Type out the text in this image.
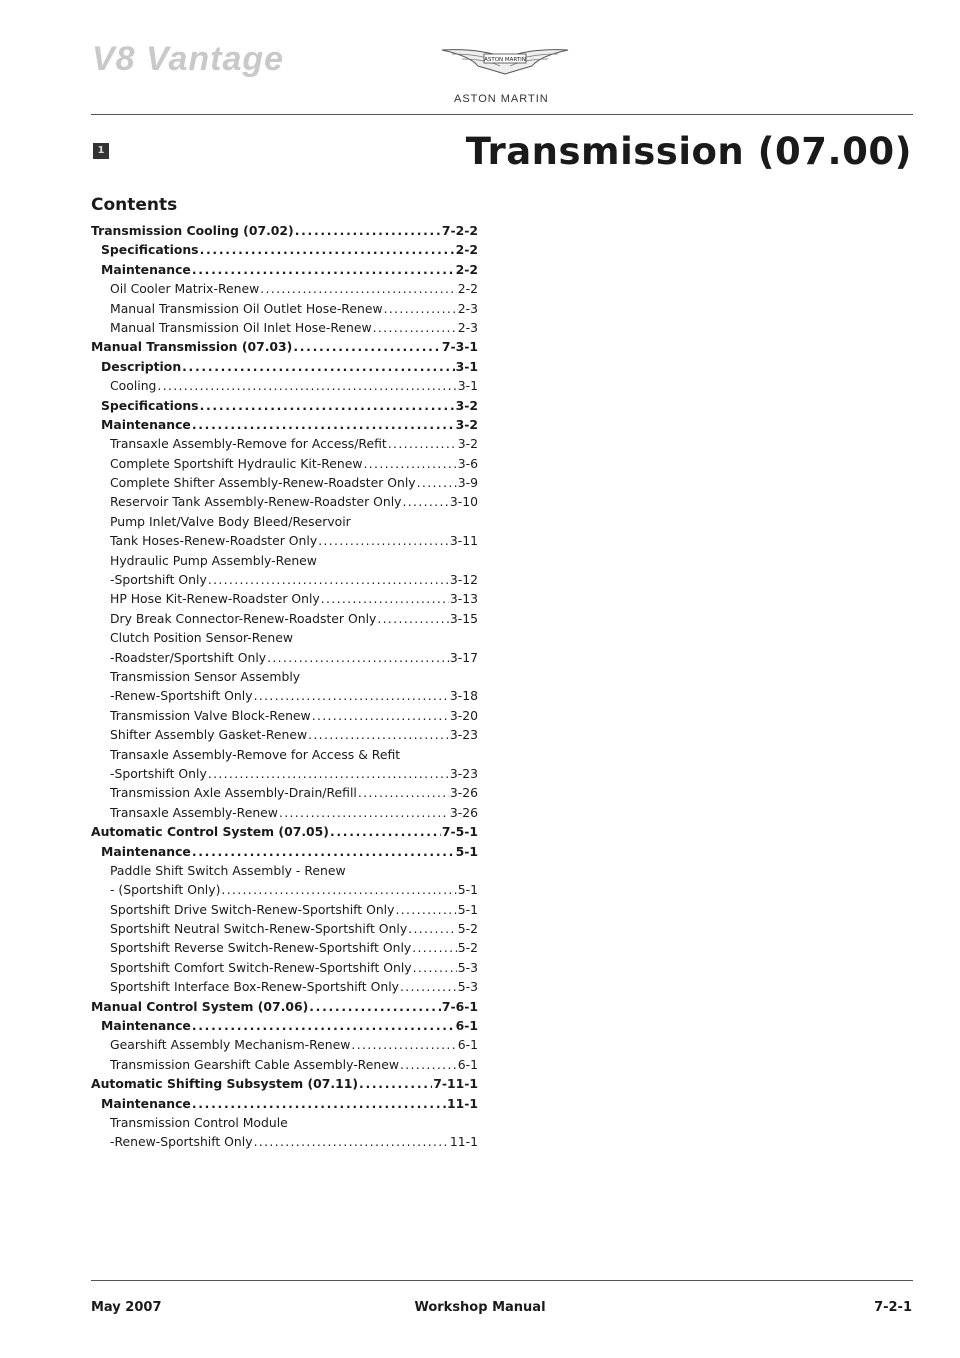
V8 Vantage	ASTON MARTIN
ASTON MARTIN
1	Transmission (07.00)
Contents
Transmission Cooling (07.02) . . .	7-2-2
Specifications . . .	2-2
Maintenance . . .	2-2
Oil Cooler Matrix-Renew . . .	2-2
Manual Transmission Oil Outlet Hose-Renew . . .	2-3
Manual Transmission Oil Inlet Hose-Renew . . .	2-3
Manual Transmission (07.03) . . .	7-3-1
Description . . .	3-1
Cooling . . .	3-1
Specifications . . .	3-2
Maintenance . . .	3-2
Transaxle Assembly-Remove for Access/Refit . . .	3-2
Complete Sportshift Hydraulic Kit-Renew . . .	3-6
Complete Shifter Assembly-Renew-Roadster Only . . .	3-9
Reservoir Tank Assembly-Renew-Roadster Only . . .	3-10
Pump Inlet/Valve Body Bleed/Reservoir
Tank Hoses-Renew-Roadster Only . . .	3-11
Hydraulic Pump Assembly-Renew
-Sportshift Only . . .	3-12
HP Hose Kit-Renew-Roadster Only . . .	3-13
Dry Break Connector-Renew-Roadster Only . . .	3-15
Clutch Position Sensor-Renew
-Roadster/Sportshift Only . . .	3-17
Transmission Sensor Assembly
-Renew-Sportshift Only . . .	3-18
Transmission Valve Block-Renew . . .	3-20
Shifter Assembly Gasket-Renew . . .	3-23
Transaxle Assembly-Remove for Access & Refit
-Sportshift Only . . .	3-23
Transmission Axle Assembly-Drain/Refill . . .	3-26
Transaxle Assembly-Renew . . .	3-26
Automatic Control System (07.05) . . .	7-5-1
Maintenance . . .	5-1
Paddle Shift Switch Assembly - Renew
- (Sportshift Only) . . .	5-1
Sportshift Drive Switch-Renew-Sportshift Only . . .	5-1
Sportshift Neutral Switch-Renew-Sportshift Only . . .	5-2
Sportshift Reverse Switch-Renew-Sportshift Only . . .	5-2
Sportshift Comfort Switch-Renew-Sportshift Only . . .	5-3
Sportshift Interface Box-Renew-Sportshift Only . . .	5-3
Manual Control System (07.06) . . .	7-6-1
Maintenance . . .	6-1
Gearshift Assembly Mechanism-Renew . . .	6-1
Transmission Gearshift Cable Assembly-Renew . . .	6-1
Automatic Shifting Subsystem (07.11) . . .	7-11-1
Maintenance . . .	11-1
Transmission Control Module
-Renew-Sportshift Only . . .	11-1
May 2007	Workshop Manual	7-2-1
